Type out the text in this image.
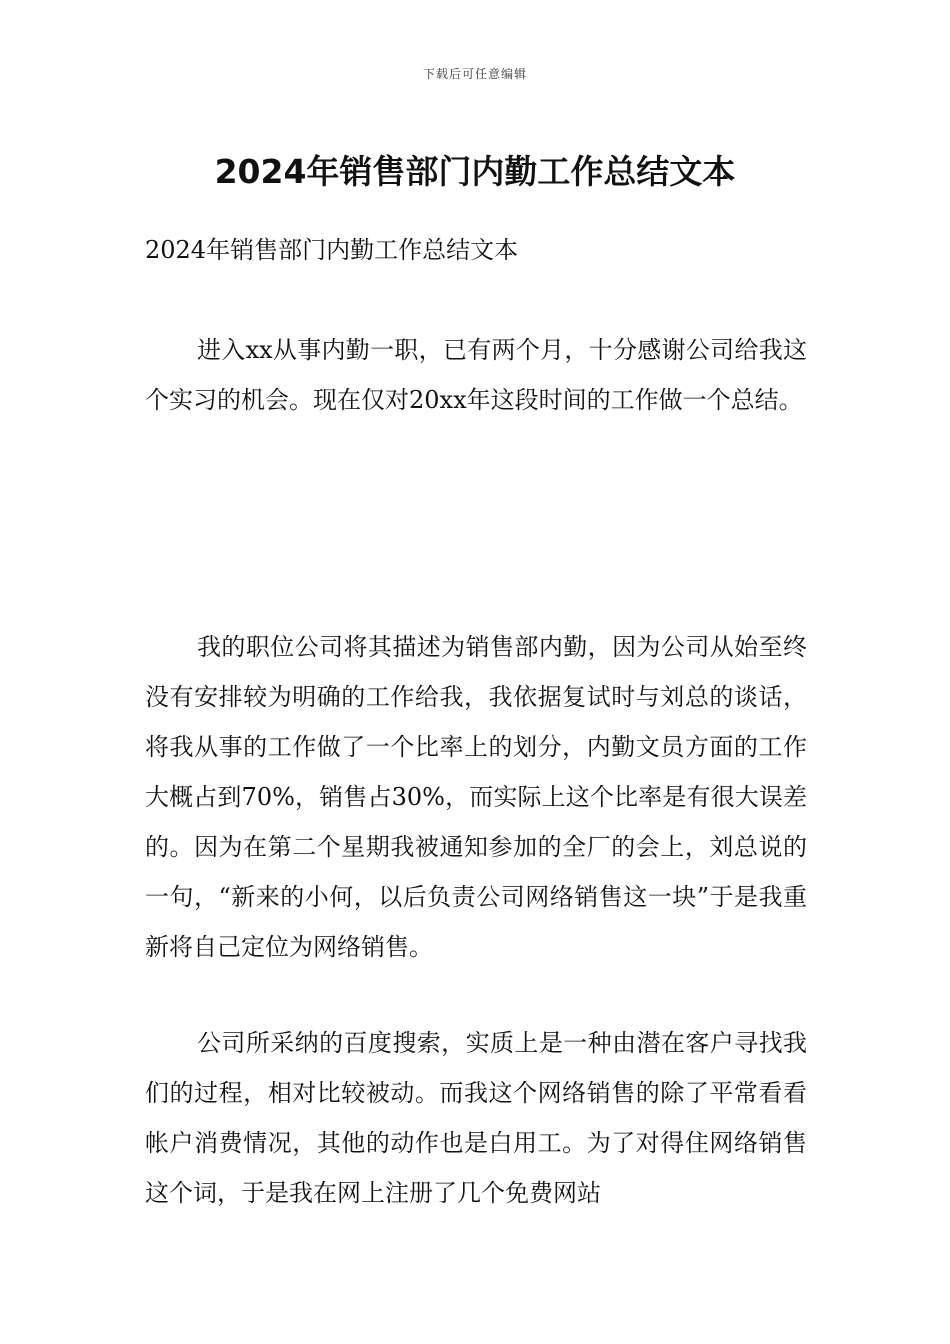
下载后可任意编辑
2024年销售部门内勤工作总结文本

2024年销售部门内勤工作总结文本

进入xx从事内勤一职，已有两个月，十分感谢公司给我这个实习的机会。现在仅对20xx年这段时间的工作做一个总结。

我的职位公司将其描述为销售部内勤，因为公司从始至终没有安排较为明确的工作给我，我依据复试时与刘总的谈话，将我从事的工作做了一个比率上的划分，内勤文员方面的工作大概占到70%，销售占30%，而实际上这个比率是有很大误差的。因为在第二个星期我被通知参加的全厂的会上，刘总说的一句，“新来的小何，以后负责公司网络销售这一块”于是我重新将自己定位为网络销售。

公司所采纳的百度搜索，实质上是一种由潜在客户寻找我们的过程，相对比较被动。而我这个网络销售的除了平常看看帐户消费情况，其他的动作也是白用工。为了对得住网络销售这个词，于是我在网上注册了几个免费网站
